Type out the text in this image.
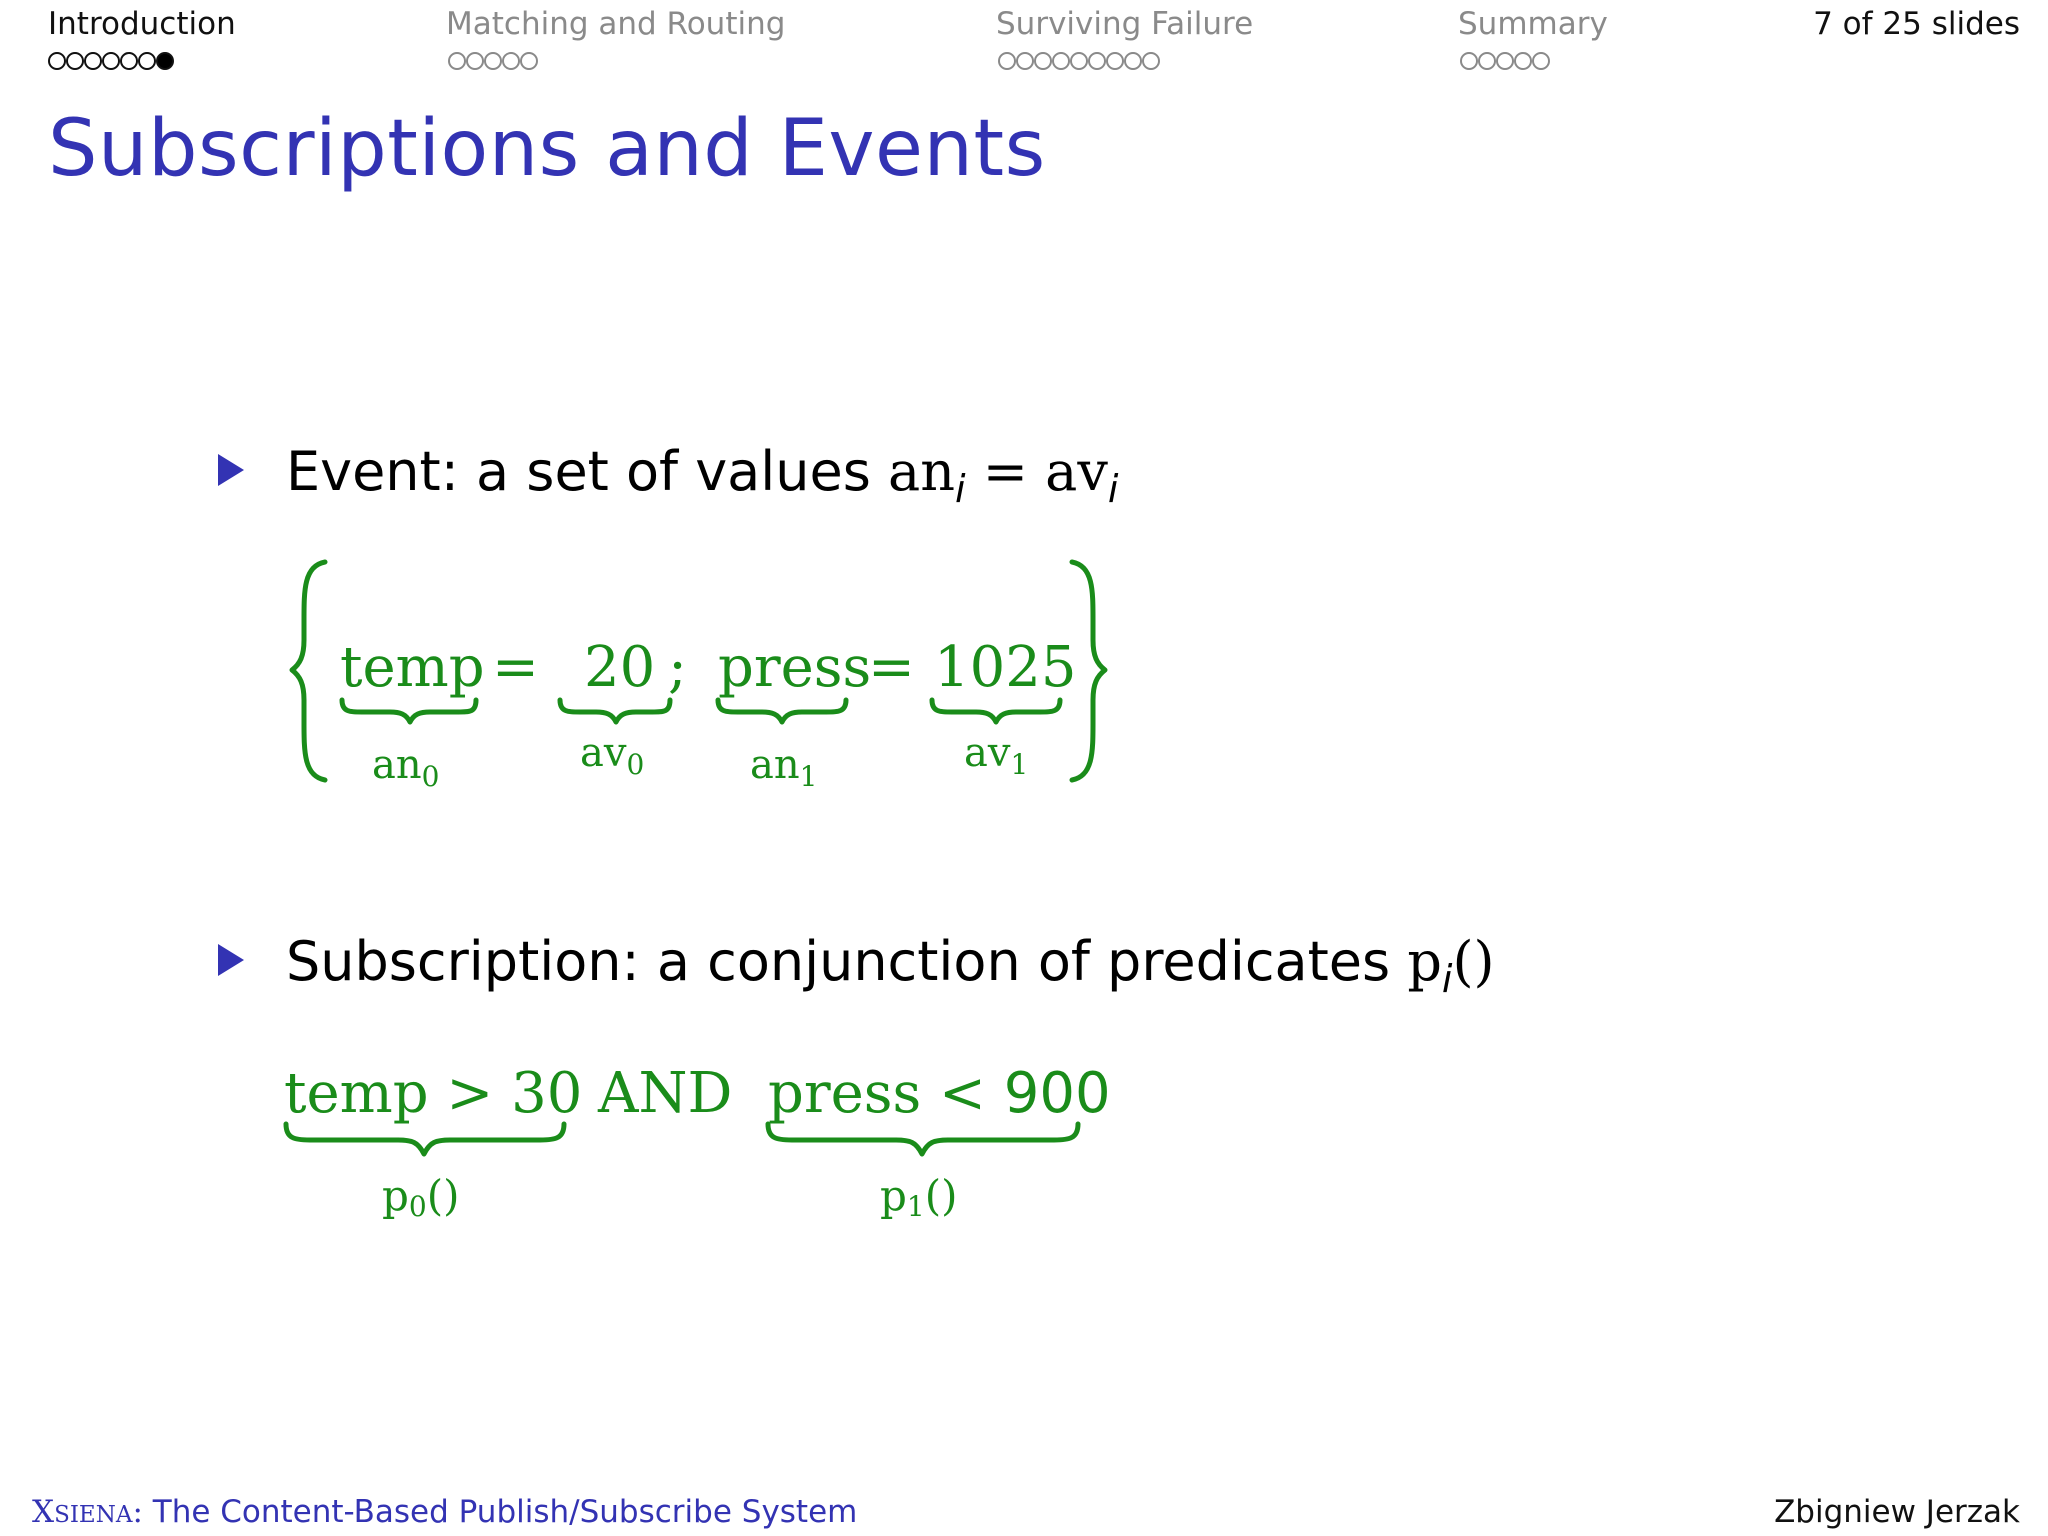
Introduction	Matching and Routing	Surviving Failure	Summary	7 of 25 slides
Subscriptions and Events
Event: a set of values $an_i = av_i$
temp = 20 ; press
= 1025
$an_0$
$av_0$	$an_1$
$av_1$
Subscription: a conjunction of predicates $p_i()$
temp > 30 AND press < 900
p0()	p1()
XSIENA: The Content-Based Publish/Subscribe System	Zbigniew Jerzak
